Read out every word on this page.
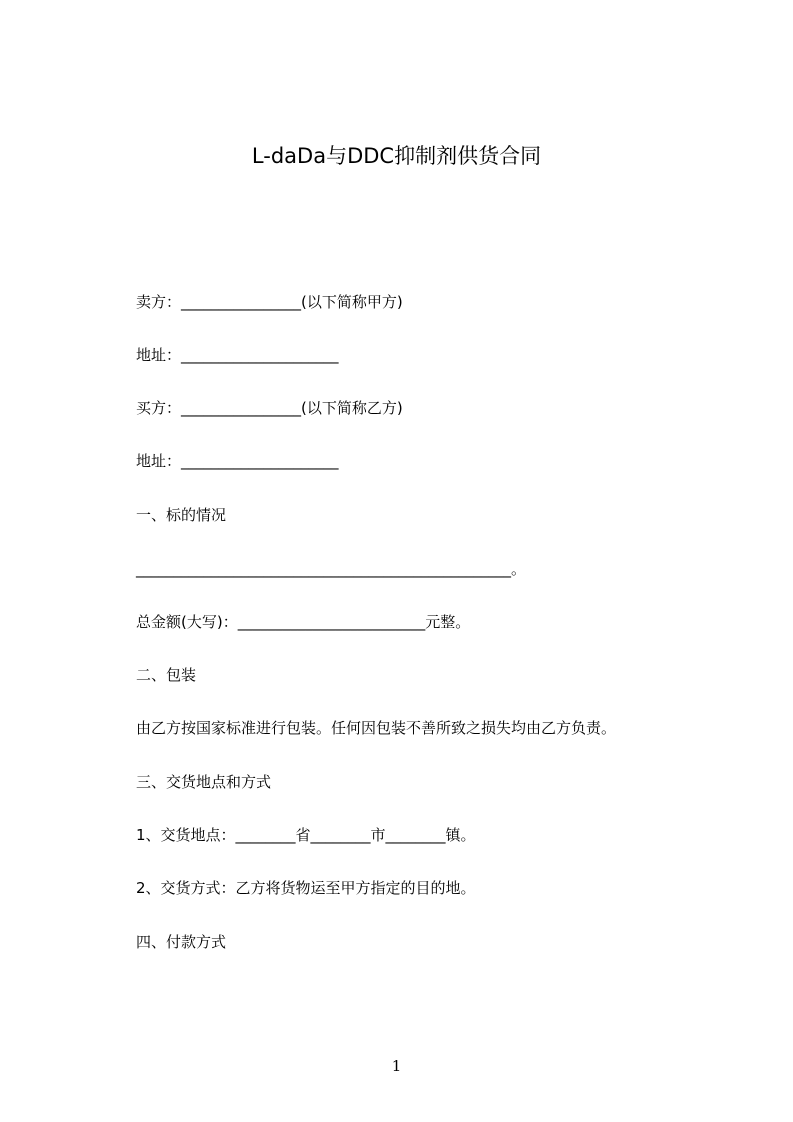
L-daDa与DDC抑制剂供货合同
卖方：________________(以下简称甲方)
地址：_____________________
买方：________________(以下简称乙方)
地址：_____________________
一、标的情况
__________________________________________________。
总金额(大写)：_________________________元整。
二、包装
由乙方按国家标准进行包装。任何因包装不善所致之损失均由乙方负责。
三、交货地点和方式
1、交货地点：________省________市________镇。
2、交货方式：乙方将货物运至甲方指定的目的地。
四、付款方式
1
